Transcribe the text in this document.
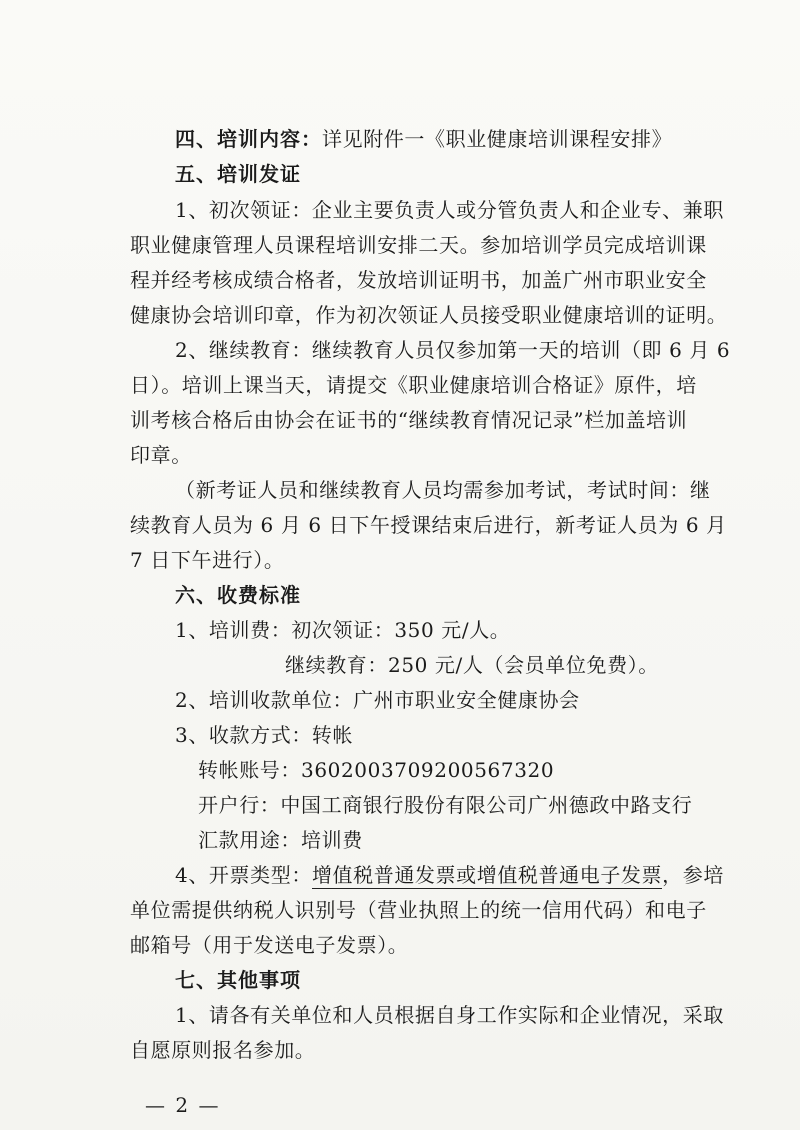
四、培训内容：详见附件一《职业健康培训课程安排》
五、培训发证
1、初次领证：企业主要负责人或分管负责人和企业专、兼职
职业健康管理人员课程培训安排二天。参加培训学员完成培训课
程并经考核成绩合格者，发放培训证明书，加盖广州市职业安全
健康协会培训印章，作为初次领证人员接受职业健康培训的证明。
2、继续教育：继续教育人员仅参加第一天的培训（即 6 月 6
日）。培训上课当天，请提交《职业健康培训合格证》原件，培
训考核合格后由协会在证书的“继续教育情况记录”栏加盖培训
印章。
（新考证人员和继续教育人员均需参加考试，考试时间：继
续教育人员为 6 月 6 日下午授课结束后进行，新考证人员为 6 月
7 日下午进行）。
六、收费标准
1、培训费：初次领证：350 元/人。
继续教育：250 元/人（会员单位免费）。
2、培训收款单位：广州市职业安全健康协会
3、收款方式：转帐
转帐账号：3602003709200567320
开户行：中国工商银行股份有限公司广州德政中路支行
汇款用途：培训费
4、开票类型：增值税普通发票或增值税普通电子发票，参培
单位需提供纳税人识别号（营业执照上的统一信用代码）和电子
邮箱号（用于发送电子发票）。
七、其他事项
1、请各有关单位和人员根据自身工作实际和企业情况，采取
自愿原则报名参加。
— 2 —
